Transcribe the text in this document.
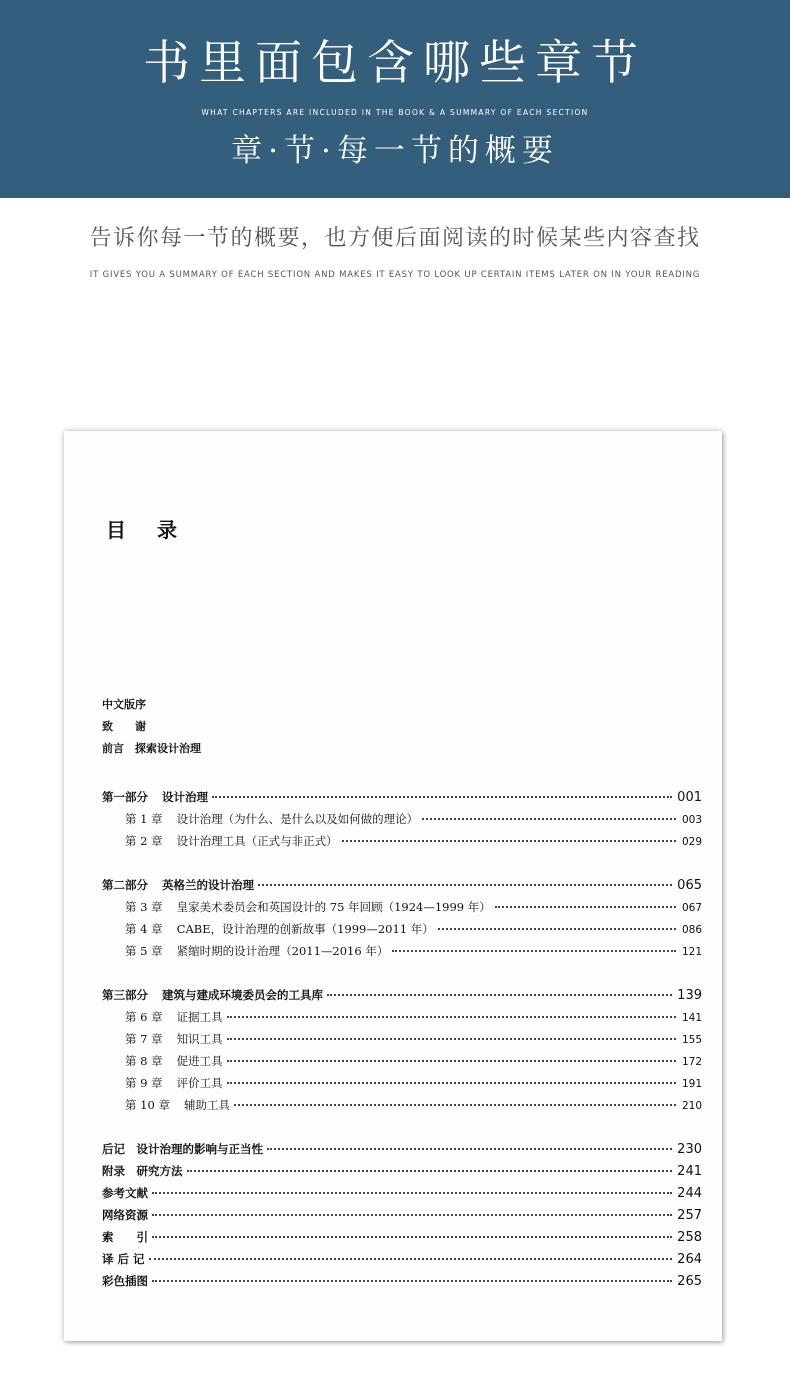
书里面包含哪些章节
WHAT CHAPTERS ARE INCLUDED IN THE BOOK & A SUMMARY OF EACH SECTION
章·节·每一节的概要
告诉你每一节的概要，也方便后面阅读的时候某些内容查找
IT GIVES YOU A SUMMARY OF EACH SECTION AND MAKES IT EASY TO LOOK UP CERTAIN ITEMS LATER ON IN YOUR READING
目 录
中文版序
致　　谢
前言　探索设计治理
第一部分 设计治理	001
第 1 章 设计治理（为什么、是什么以及如何做的理论）	003
第 2 章 设计治理工具（正式与非正式）	029
第二部分 英格兰的设计治理	065
第 3 章 皇家美术委员会和英国设计的 75 年回顾（1924—1999 年）	067
第 4 章 CABE，设计治理的创新故事（1999—2011 年）	086
第 5 章 紧缩时期的设计治理（2011—2016 年）	121
第三部分 建筑与建成环境委员会的工具库	139
第 6 章 证据工具	141
第 7 章 知识工具	155
第 8 章 促进工具	172
第 9 章 评价工具	191
第 10 章 辅助工具	210
后记　设计治理的影响与正当性	230
附录　研究方法	241
参考文献	244
网络资源	257
索　　引	258
译 后 记	264
彩色插图	265
